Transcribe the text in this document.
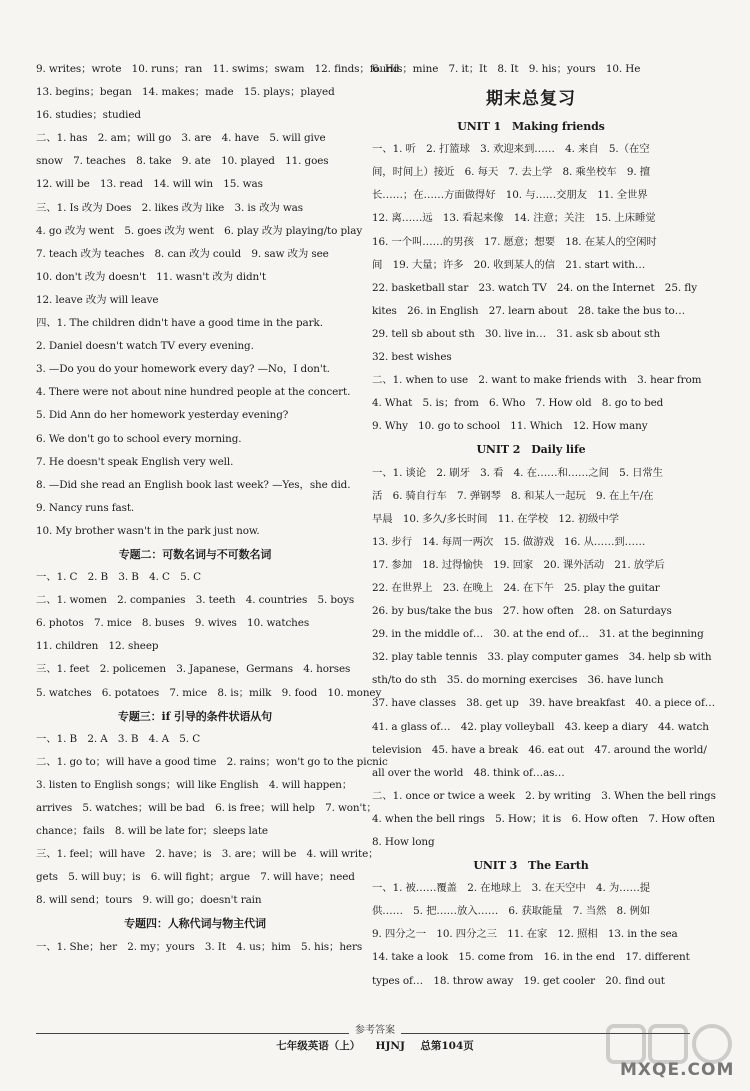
9. writes；wrote　10. runs；ran　11. swims；swam　12. finds；found
13. begins；began　14. makes；made　15. plays；played
16. studies；studied
二、1. has　2. am；will go　3. are　4. have　5. will give
snow　7. teaches　8. take　9. ate　10. played　11. goes
12. will be　13. read　14. will win　15. was
三、1. Is 改为 Does　2. likes 改为 like　3. is 改为 was
4. go 改为 went　5. goes 改为 went　6. play 改为 playing/to play
7. teach 改为 teaches　8. can 改为 could　9. saw 改为 see
10. don't 改为 doesn't　11. wasn't 改为 didn't
12. leave 改为 will leave
四、1. The children didn't have a good time in the park.
2. Daniel doesn't watch TV every evening.
3. —Do you do your homework every day? —No，I don't.
4. There were not about nine hundred people at the concert.
5. Did Ann do her homework yesterday evening?
6. We don't go to school every morning.
7. He doesn't speak English very well.
8. —Did she read an English book last week? —Yes，she did.
9. Nancy runs fast.
10. My brother wasn't in the park just now.
专题二：可数名词与不可数名词
一、1. C　2. B　3. B　4. C　5. C
二、1. women　2. companies　3. teeth　4. countries　5. boys
6. photos　7. mice　8. buses　9. wives　10. watches
11. children　12. sheep
三、1. feet　2. policemen　3. Japanese，Germans　4. horses
5. watches　6. potatoes　7. mice　8. is；milk　9. food　10. money
专题三：if 引导的条件状语从句
一、1. B　2. A　3. B　4. A　5. C
二、1. go to；will have a good time　2. rains；won't go to the picnic
3. listen to English songs；will like English　4. will happen；
arrives　5. watches；will be bad　6. is free；will help　7. won't；
chance；fails　8. will be late for；sleeps late
三、1. feel；will have　2. have；is　3. are；will be　4. will write；
gets　5. will buy；is　6. will fight；argue　7. will have；need
8. will send；tours　9. will go；doesn't rain
专题四：人称代词与物主代词
一、1. She；her　2. my；yours　3. It　4. us；him　5. his；hers
6. His；mine　7. it；It　8. It　9. his；yours　10. He
期末总复习
UNIT 1　Making friends
一、1. 听　2. 打篮球　3. 欢迎来到……　4. 来自　5.（在空
间，时间上）接近　6. 每天　7. 去上学　8. 乘坐校车　9. 擅
长……；在……方面做得好　10. 与……交朋友　11. 全世界
12. 离……远　13. 看起来像　14. 注意；关注　15. 上床睡觉
16. 一个叫……的男孩　17. 愿意；想要　18. 在某人的空闲时
间　19. 大量；许多　20. 收到某人的信　21. start with…
22. basketball star　23. watch TV　24. on the Internet　25. fly
kites　26. in English　27. learn about　28. take the bus to…
29. tell sb about sth　30. live in…　31. ask sb about sth
32. best wishes
二、1. when to use　2. want to make friends with　3. hear from
4. What　5. is；from　6. Who　7. How old　8. go to bed
9. Why　10. go to school　11. Which　12. How many
UNIT 2　Daily life
一、1. 谈论　2. 刷牙　3. 看　4. 在……和……之间　5. 日常生
活　6. 骑自行车　7. 弹钢琴　8. 和某人一起玩　9. 在上午/在
早晨　10. 多久/多长时间　11. 在学校　12. 初级中学
13. 步行　14. 每周一两次　15. 做游戏　16. 从……到……
17. 参加　18. 过得愉快　19. 回家　20. 课外活动　21. 放学后
22. 在世界上　23. 在晚上　24. 在下午　25. play the guitar
26. by bus/take the bus　27. how often　28. on Saturdays
29. in the middle of…　30. at the end of…　31. at the beginning
32. play table tennis　33. play computer games　34. help sb with
sth/to do sth　35. do morning exercises　36. have lunch
37. have classes　38. get up　39. have breakfast　40. a piece of…
41. a glass of…　42. play volleyball　43. keep a diary　44. watch
television　45. have a break　46. eat out　47. around the world/
all over the world　48. think of…as…
二、1. once or twice a week　2. by writing　3. When the bell rings
4. when the bell rings　5. How；it is　6. How often　7. How often
8. How long
UNIT 3　The Earth
一、1. 被……覆盖　2. 在地球上　3. 在天空中　4. 为……提
供……　5. 把……放入……　6. 获取能量　7. 当然　8. 例如
9. 四分之一　10. 四分之三　11. 在家　12. 照相　13. in the sea
14. take a look　15. come from　16. in the end　17. different
types of…　18. throw away　19. get cooler　20. find out
参考答案
七年级英语（上） HJNJ 总第104页
MXQE.COM
